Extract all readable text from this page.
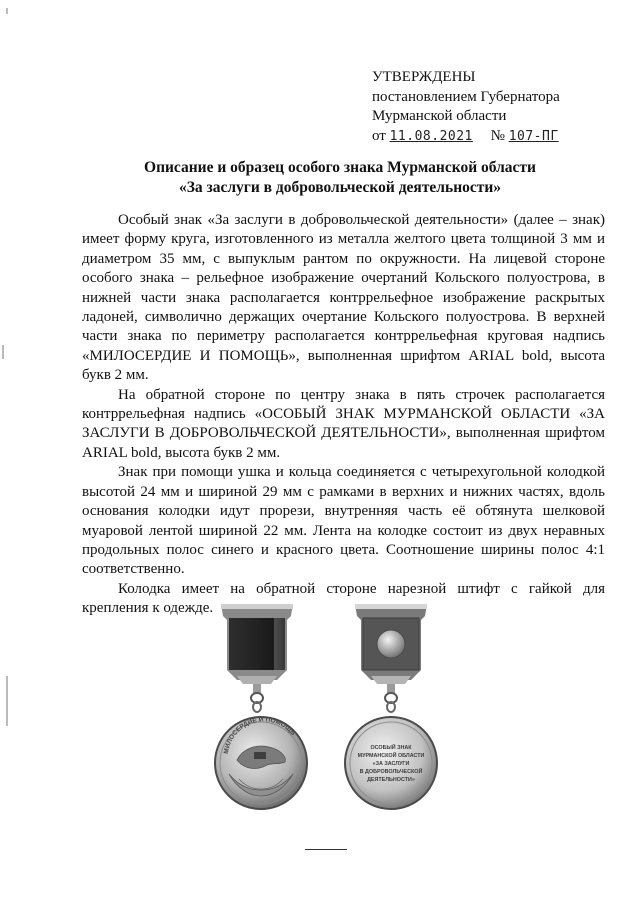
УТВЕРЖДЕНЫ
постановлением Губернатора
Мурманской области
от 11.08.2021 № 107-ПГ
Описание и образец особого знака Мурманской области
«За заслуги в добровольческой деятельности»

Особый знак «За заслуги в добровольческой деятельности» (далее – знак) имеет форму круга, изготовленного из металла желтого цвета толщиной 3 мм и диаметром 35 мм, с выпуклым рантом по окружности. На лицевой стороне особого знака – рельефное изображение очертаний Кольского полуострова, в нижней части знака располагается контррельефное изображение раскрытых ладоней, символично держащих очертание Кольского полуострова. В верхней части знака по периметру располагается контррельефная круговая надпись «МИЛОСЕРДИЕ И ПОМОЩЬ», выполненная шрифтом ARIAL bold, высота букв 2 мм.

На обратной стороне по центру знака в пять строчек располагается контррельефная надпись «ОСОБЫЙ ЗНАК МУРМАНСКОЙ ОБЛАСТИ «ЗА ЗАСЛУГИ В ДОБРОВОЛЬЧЕСКОЙ ДЕЯТЕЛЬНОСТИ», выполненная шрифтом ARIAL bold, высота букв 2 мм.

Знак при помощи ушка и кольца соединяется с четырехугольной колодкой высотой 24 мм и шириной 29 мм с рамками в верхних и нижних частях, вдоль основания колодки идут прорези, внутренняя часть её обтянута шелковой муаровой лентой шириной 22 мм. Лента на колодке состоит из двух неравных продольных полос синего и красного цвета. Соотношение ширины полос 4:1 соответственно.

Колодка имеет на обратной стороне нарезной штифт с гайкой для крепления к одежде.

МИЛОСЕРДИЕ И ПОМОЩЬ
ОСОБЫЙ ЗНАК
МУРМАНСКОЙ ОБЛАСТИ
«ЗА ЗАСЛУГИ
В ДОБРОВОЛЬЧЕСКОЙ
ДЕЯТЕЛЬНОСТИ»
